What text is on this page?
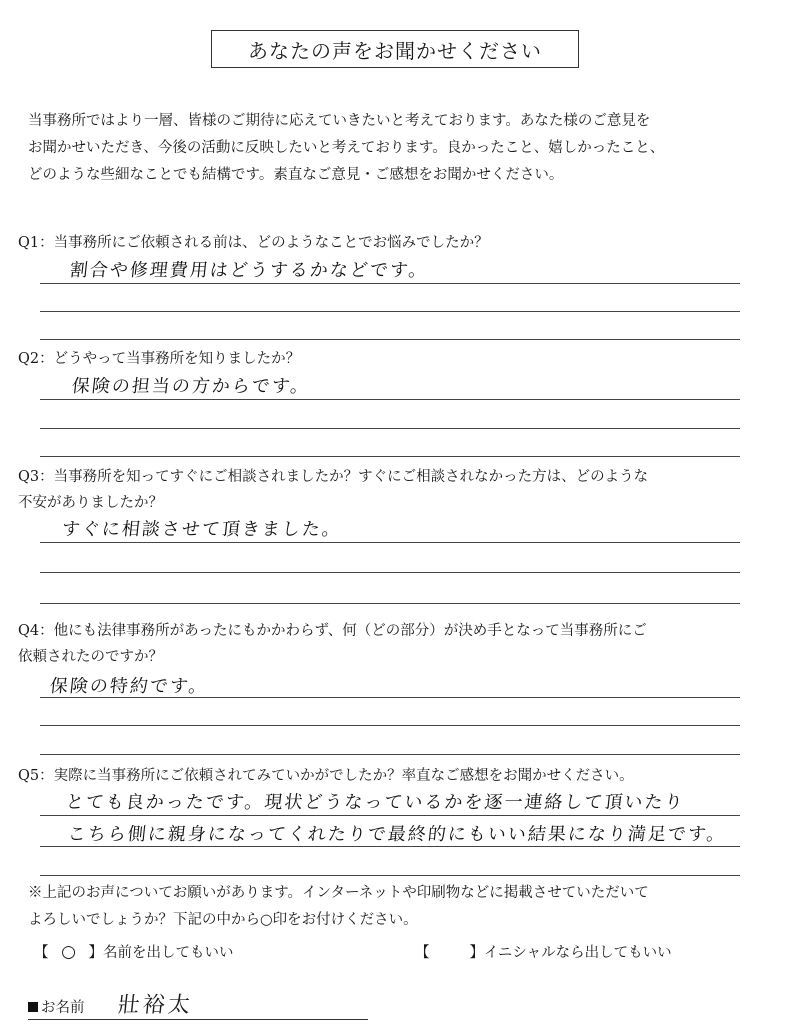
あなたの声をお聞かせください

当事務所ではより一層、皆様のご期待に応えていきたいと考えております。あなた様のご意見を

お聞かせいただき、今後の活動に反映したいと考えております。良かったこと、嬉しかったこと、

どのような些細なことでも結構です。素直なご意見・ご感想をお聞かせください。

Q1：当事務所にご依頼される前は、どのようなことでお悩みでしたか？
割合や修理費用はどうするかなどです。
Q2：どうやって当事務所を知りましたか？
保険の担当の方からです。
Q3：当事務所を知ってすぐにご相談されましたか？すぐにご相談されなかった方は、どのような
不安がありましたか？
すぐに相談させて頂きました。
Q4：他にも法律事務所があったにもかかわらず、何（どの部分）が決め手となって当事務所にご
依頼されたのですか？
保険の特約です。
Q5：実際に当事務所にご依頼されてみていかがでしたか？率直なご感想をお聞かせください。
とても良かったです。現状どうなっているかを逐一連絡して頂いたり
こちら側に親身になってくれたりで最終的にもいい結果になり満足です。

※上記のお声についてお願いがあります。インターネットや印刷物などに掲載させていただいて

よろしいでしょうか？下記の中から○印をお付けください。

【 ○ 】名前を出してもいい	【	】イニシャルなら出してもいい
お名前 壯裕太
